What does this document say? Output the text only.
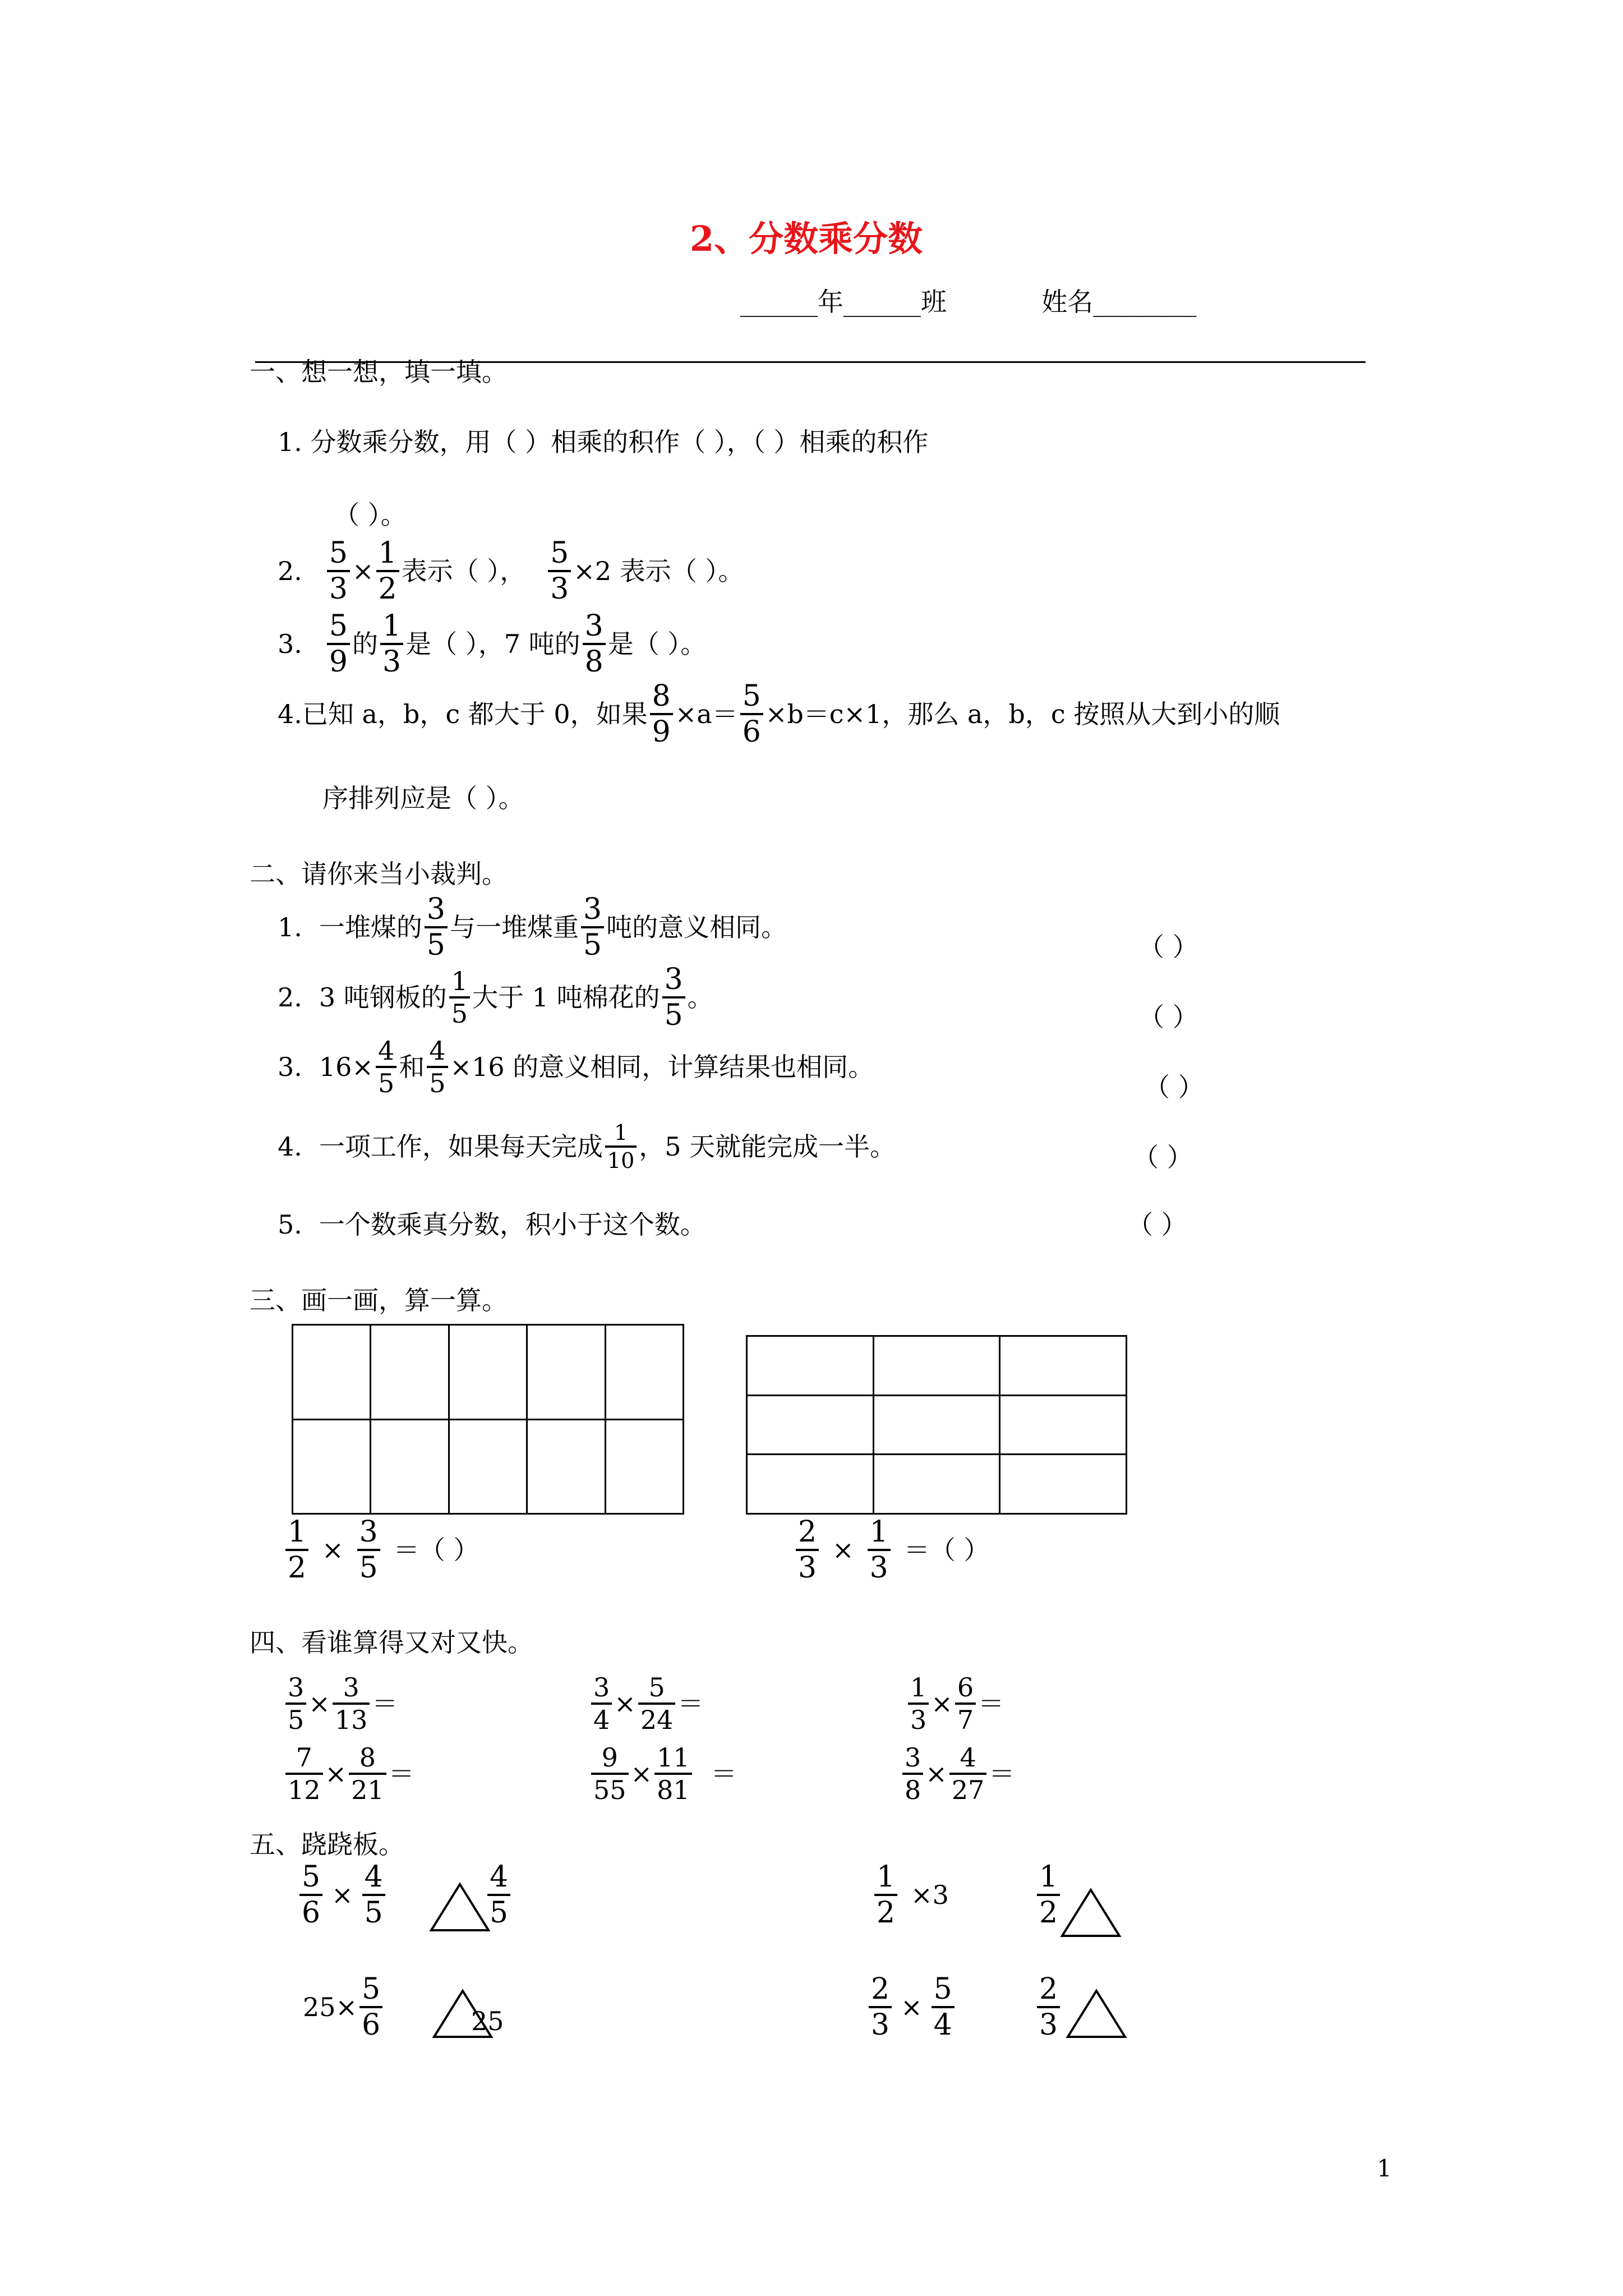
2、分数乘分数
______年______班	姓名________
一、想一想，填一填。
1. 分数乘分数，用（ ）相乘的积作（ ），（ ）相乘的积作
（ ）。
2. $\frac{5}{3} \times \frac{1}{2}$ 表示（ ）， $\frac{5}{3} \times 2$ 表示（ ）。
3. $\frac{5}{9}$ 的 $\frac{1}{3}$ 是（ ），7 吨的 $\frac{3}{8}$ 是（ ）。
4.已知 a，b，c 都大于 0，如果 $\frac{8}{9} \times a= \frac{5}{6} \times b=c\times 1$，那么 a，b，c 按照从大到小的顺
序排列应是（ ）。
二、请你来当小裁判。
1. 一堆煤的 $\frac{3}{5}$ 与一堆煤重 $\frac{3}{5}$ 吨的意义相同。
（ ）
2. 3 吨钢板的 $\frac{1}{5}$ 大于 1 吨棉花的 $\frac{3}{5}$ 。
（ ）
3. $16\times \frac{4}{5}$ 和 $\frac{4}{5} \times 16$ 的意义相同，计算结果也相同。
（ ）
4. 一项工作，如果每天完成 $\frac{1}{10}$ ，5 天就能完成一半。	（ ）
5. 一个数乘真分数，积小于这个数。	（ ）
三、画一画，算一算。

$\frac{1}{2} \times \frac{3}{5}$ ＝（ ）	$\frac{2}{3} \times \frac{1}{3}$ ＝（ ）
四、看谁算得又对又快。
$\frac{3}{5} \times \frac{3}{13}$ ＝	$\frac{3}{4} \times \frac{5}{24}$ ＝	$\frac{1}{3} \times \frac{6}{7}$ ＝
$\frac{7}{12} \times \frac{8}{21}$ ＝	$\frac{9}{55} \times \frac{11}{81}$ ＝	$\frac{3}{8} \times \frac{4}{27}$ ＝
五、跷跷板。
$\frac{5}{6} \times \frac{4}{5}$	$\frac{4}{5}$	$\frac{1}{2} \times 3$	$\frac{1}{2}$
$25\times \frac{5}{6}$	25	$\frac{2}{3} \times \frac{5}{4}$	$\frac{2}{3}$
1
